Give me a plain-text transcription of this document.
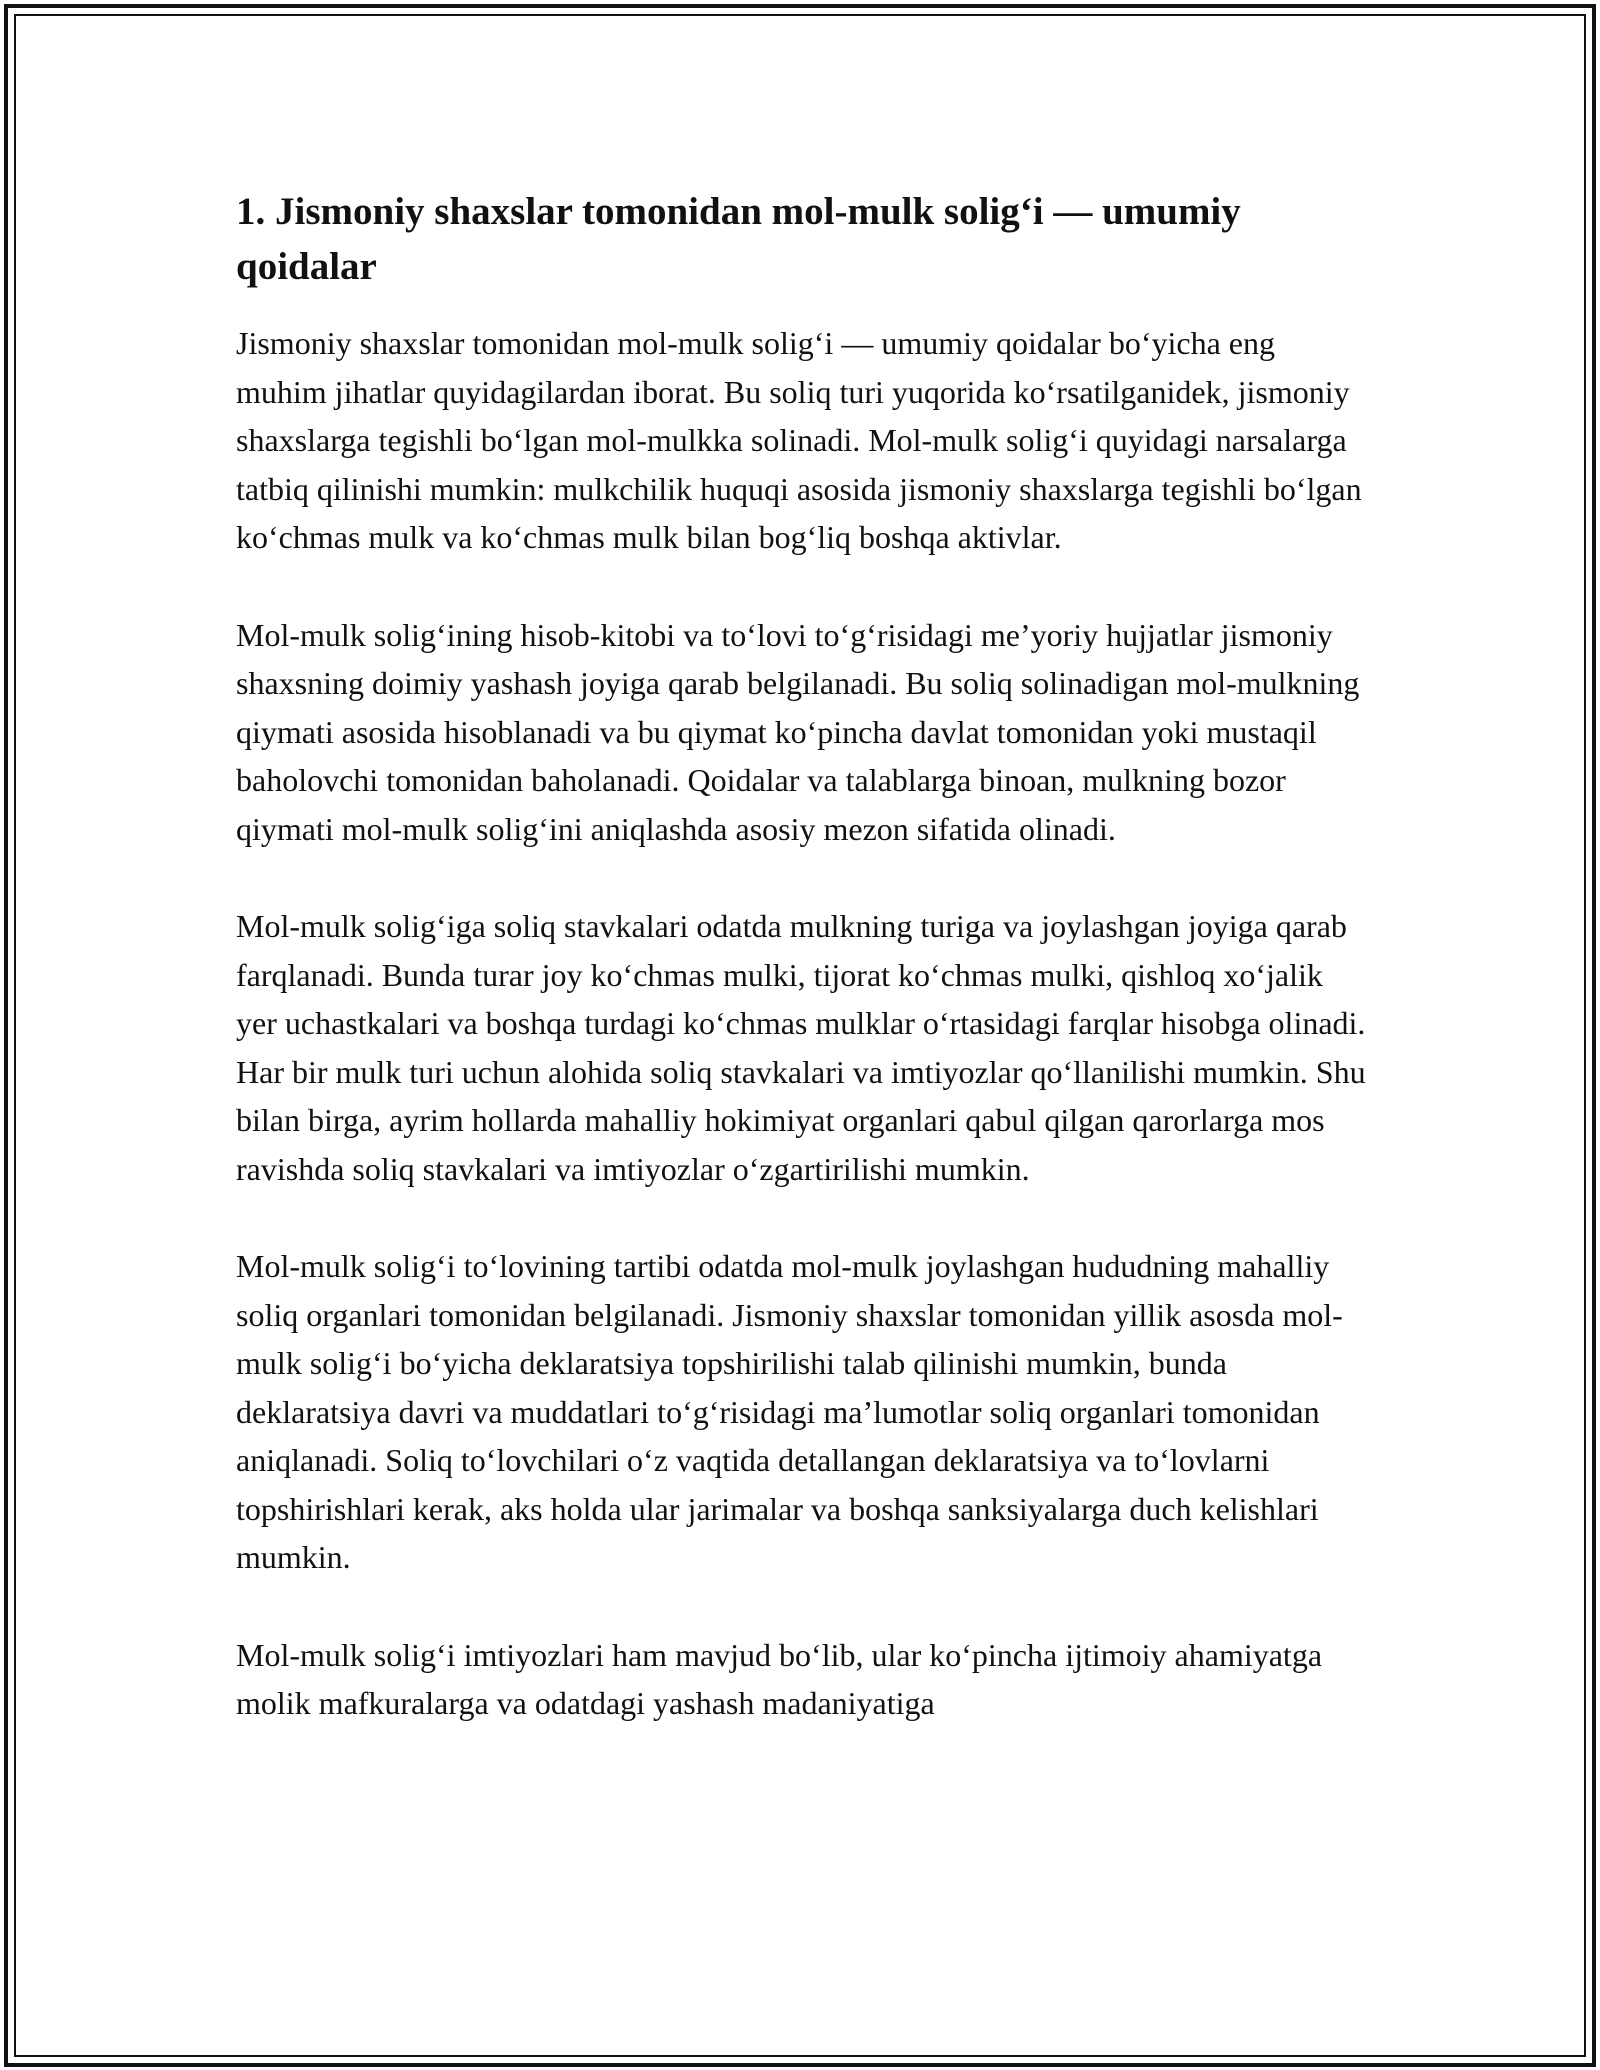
1. Jismoniy shaxslar tomonidan mol-mulk solig‘i — umumiy qoidalar

Jismoniy shaxslar tomonidan mol-mulk solig‘i — umumiy qoidalar bo‘yicha eng muhim jihatlar quyidagilardan iborat. Bu soliq turi yuqorida ko‘rsatilganidek, jismoniy shaxslarga tegishli bo‘lgan mol-mulkka solinadi. Mol-mulk solig‘i quyidagi narsalarga tatbiq qilinishi mumkin: mulkchilik huquqi asosida jismoniy shaxslarga tegishli bo‘lgan ko‘chmas mulk va ko‘chmas mulk bilan bog‘liq boshqa aktivlar.

Mol-mulk solig‘ining hisob-kitobi va to‘lovi to‘g‘risidagi me’yoriy hujjatlar jismoniy shaxsning doimiy yashash joyiga qarab belgilanadi. Bu soliq solinadigan mol-mulkning qiymati asosida hisoblanadi va bu qiymat ko‘pincha davlat tomonidan yoki mustaqil baholovchi tomonidan baholanadi. Qoidalar va talablarga binoan, mulkning bozor qiymati mol-mulk solig‘ini aniqlashda asosiy mezon sifatida olinadi.

Mol-mulk solig‘iga soliq stavkalari odatda mulkning turiga va joylashgan joyiga qarab farqlanadi. Bunda turar joy ko‘chmas mulki, tijorat ko‘chmas mulki, qishloq xo‘jalik yer uchastkalari va boshqa turdagi ko‘chmas mulklar o‘rtasidagi farqlar hisobga olinadi. Har bir mulk turi uchun alohida soliq stavkalari va imtiyozlar qo‘llanilishi mumkin. Shu bilan birga, ayrim hollarda mahalliy hokimiyat organlari qabul qilgan qarorlarga mos ravishda soliq stavkalari va imtiyozlar o‘zgartirilishi mumkin.

Mol-mulk solig‘i to‘lovining tartibi odatda mol-mulk joylashgan hududning mahalliy soliq organlari tomonidan belgilanadi. Jismoniy shaxslar tomonidan yillik asosda mol-mulk solig‘i bo‘yicha deklaratsiya topshirilishi talab qilinishi mumkin, bunda deklaratsiya davri va muddatlari to‘g‘risidagi ma’lumotlar soliq organlari tomonidan aniqlanadi. Soliq to‘lovchilari o‘z vaqtida detallangan deklaratsiya va to‘lovlarni topshirishlari kerak, aks holda ular jarimalar va boshqa sanksiyalarga duch kelishlari mumkin.

Mol-mulk solig‘i imtiyozlari ham mavjud bo‘lib, ular ko‘pincha ijtimoiy ahamiyatga molik mafkuralarga va odatdagi yashash madaniyatiga
